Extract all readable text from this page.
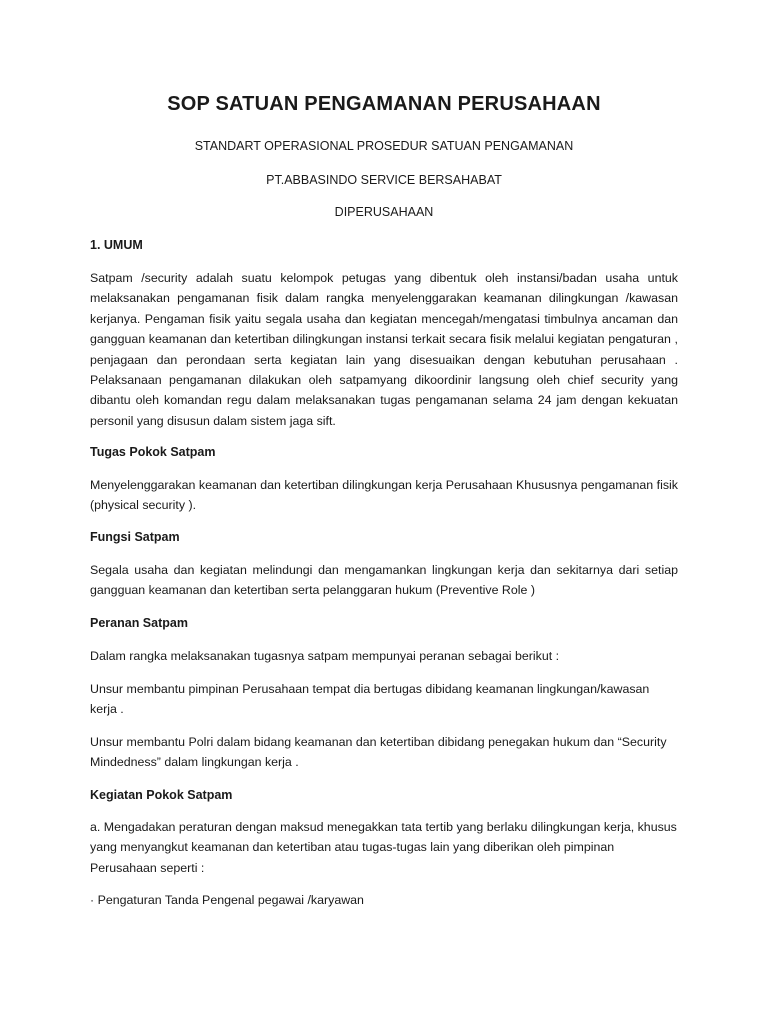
SOP SATUAN PENGAMANAN PERUSAHAAN

STANDART OPERASIONAL PROSEDUR SATUAN PENGAMANAN

PT.ABBASINDO SERVICE BERSAHABAT

DIPERUSAHAAN

1. UMUM

Satpam /security adalah suatu kelompok petugas yang dibentuk oleh instansi/badan usaha untuk melaksanakan pengamanan fisik dalam rangka menyelenggarakan keamanan dilingkungan /kawasan kerjanya. Pengaman fisik yaitu segala usaha dan kegiatan mencegah/mengatasi timbulnya ancaman dan gangguan keamanan dan ketertiban dilingkungan instansi terkait secara fisik melalui kegiatan pengaturan , penjagaan dan perondaan serta kegiatan lain yang disesuaikan dengan kebutuhan perusahaan . Pelaksanaan pengamanan dilakukan oleh satpamyang dikoordinir langsung oleh chief security yang dibantu oleh komandan regu dalam melaksanakan tugas pengamanan selama 24 jam dengan kekuatan personil yang disusun dalam sistem jaga sift.

Tugas Pokok Satpam

Menyelenggarakan keamanan dan ketertiban dilingkungan kerja Perusahaan Khususnya pengamanan fisik (physical security ).

Fungsi Satpam

Segala usaha dan kegiatan melindungi dan mengamankan lingkungan kerja dan sekitarnya dari setiap gangguan keamanan dan ketertiban serta pelanggaran hukum (Preventive Role )

Peranan Satpam

Dalam rangka melaksanakan tugasnya satpam mempunyai peranan sebagai berikut :

Unsur membantu pimpinan Perusahaan tempat dia bertugas dibidang keamanan lingkungan/kawasan kerja .

Unsur membantu Polri dalam bidang keamanan dan ketertiban dibidang penegakan hukum dan “Security Mindedness” dalam lingkungan kerja .

Kegiatan Pokok Satpam

a. Mengadakan peraturan dengan maksud menegakkan tata tertib yang berlaku dilingkungan kerja, khusus yang menyangkut keamanan dan ketertiban atau tugas-tugas lain yang diberikan oleh pimpinan Perusahaan seperti :

· Pengaturan Tanda Pengenal pegawai /karyawan
